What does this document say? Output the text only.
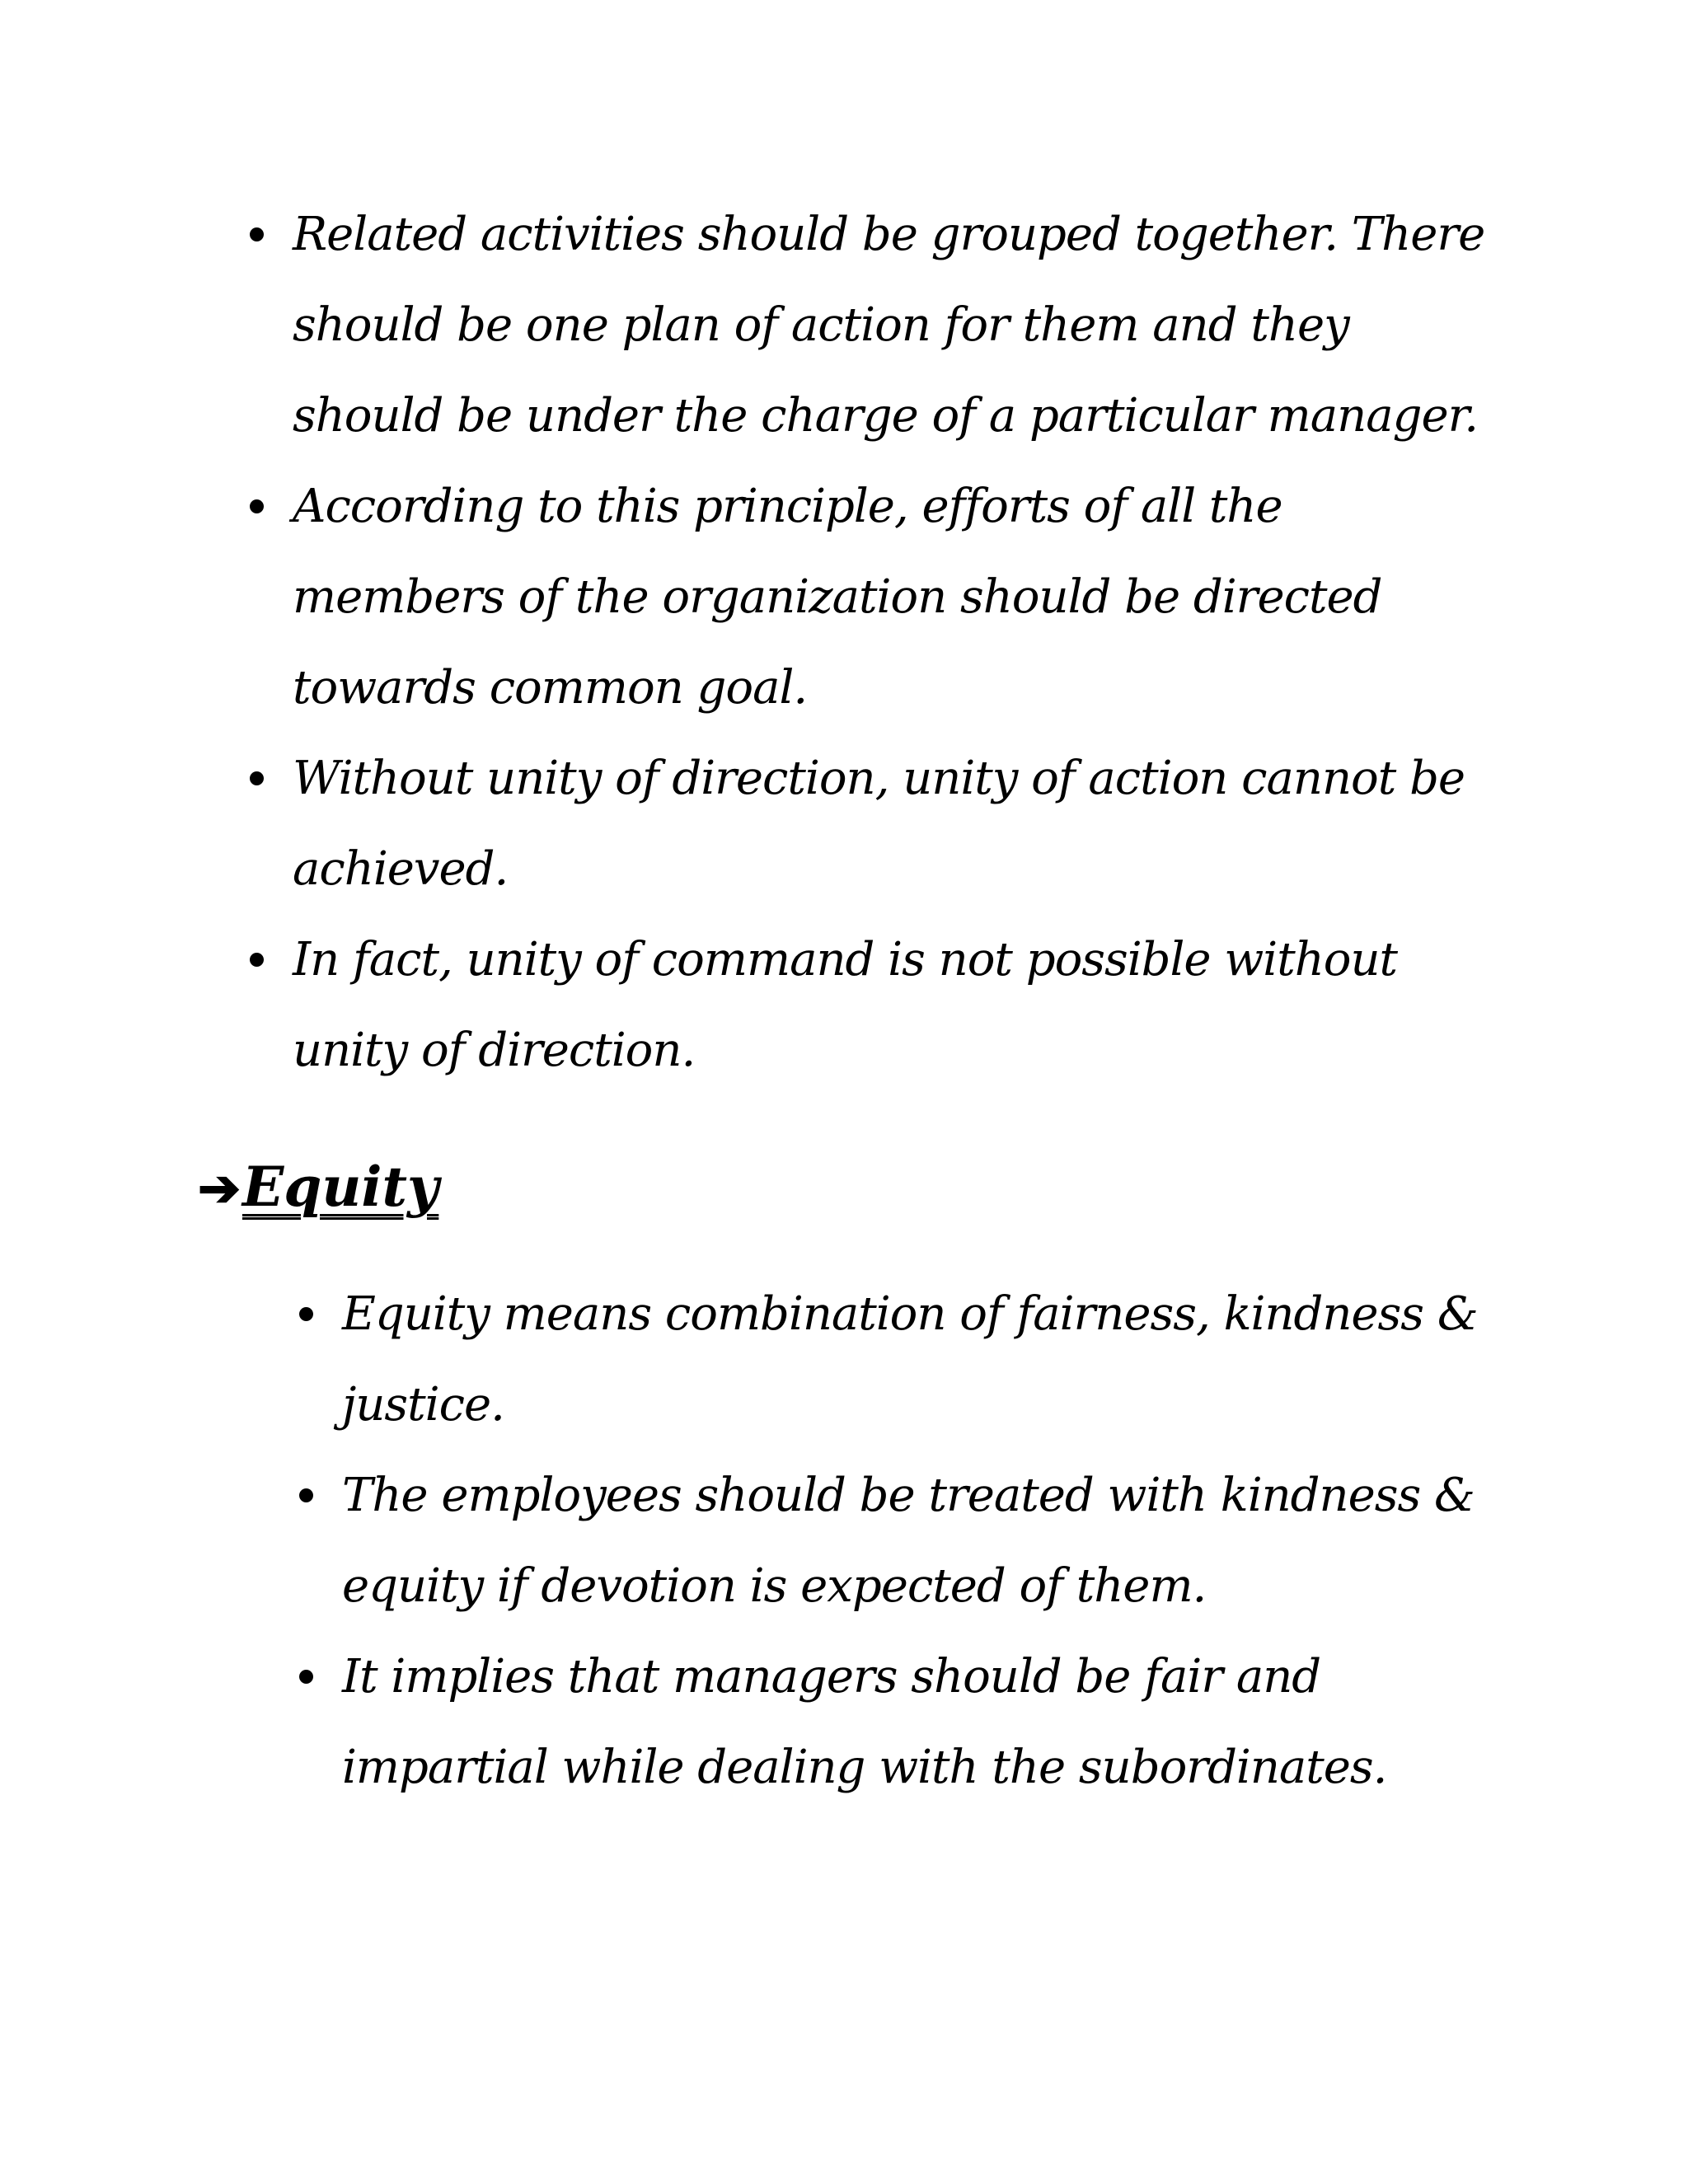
Related activities should be grouped together. There should be one plan of action for them and they should be under the charge of a particular manager.
According to this principle, efforts of all the members of the organization should be directed towards common goal.
Without unity of direction, unity of action cannot be achieved.
In fact, unity of command is not possible without unity of direction.
➔Equity
Equity means combination of fairness, kindness & justice.
The employees should be treated with kindness & equity if devotion is expected of them.
It implies that managers should be fair and impartial while dealing with the subordinates.
